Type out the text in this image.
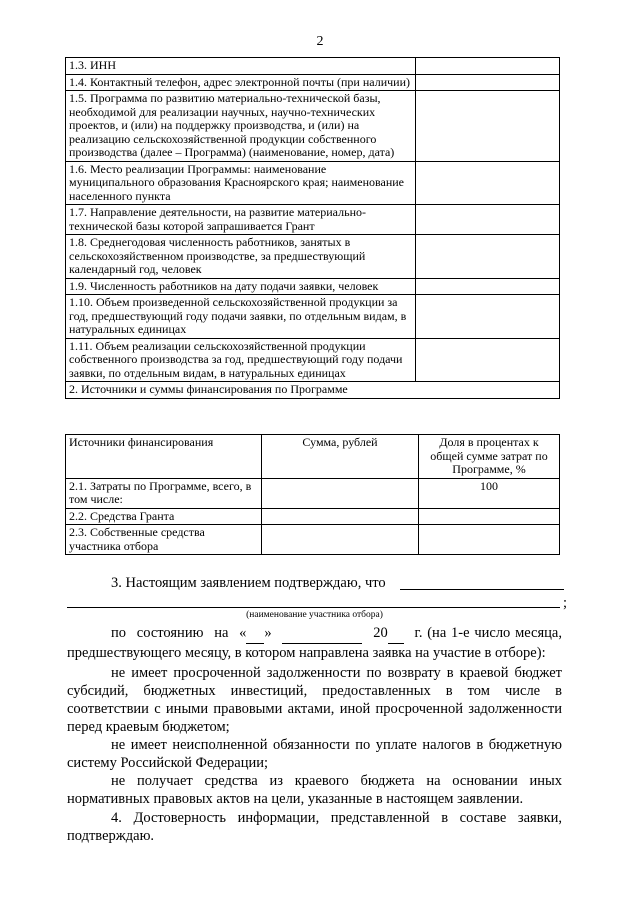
2
1.3. ИНН	
1.4. Контактный телефон, адрес электронной почты (при наличии)	
1.5. Программа по развитию материально-технической базы, необходимой для реализации научных, научно-технических проектов, и (или) на поддержку производства, и (или) на реализацию сельскохозяйственной продукции собственного производства (далее – Программа) (наименование, номер, дата)	
1.6. Место реализации Программы: наименование муниципального образования Красноярского края; наименование населенного пункта	
1.7. Направление деятельности, на развитие материально-технической базы которой запрашивается Грант	
1.8. Среднегодовая численность работников, занятых в сельскохозяйственном производстве, за предшествующий календарный год, человек	
1.9. Численность работников на дату подачи заявки, человек	
1.10. Объем произведенной сельскохозяйственной продукции за год, предшествующий году подачи заявки, по отдельным видам, в натуральных единицах	
1.11. Объем реализации сельскохозяйственной продукции собственного производства за год, предшествующий году подачи заявки, по отдельным видам, в натуральных единицах	
2. Источники и суммы финансирования по Программе	
Источники финансирования	Сумма, рублей	Доля в процентах к общей сумме затрат по Программе, %
2.1. Затраты по Программе, всего, в том числе:		100
2.2. Средства Гранта		
2.3. Собственные средства участника отбора		
3. Настоящим заявлением подтверждаю, что
;
(наименование участника отбора)
по состоянию на « »	20 г. (на 1-е число месяца, предшествующего месяцу, в котором направлена заявка на участие в отборе):
не имеет просроченной задолженности по возврату в краевой бюджет субсидий, бюджетных инвестиций, предоставленных в том числе в соответствии с иными правовыми актами, иной просроченной задолженности перед краевым бюджетом;
не имеет неисполненной обязанности по уплате налогов в бюджетную систему Российской Федерации;
не получает средства из краевого бюджета на основании иных нормативных правовых актов на цели, указанные в настоящем заявлении.
4. Достоверность информации, представленной в составе заявки, подтверждаю.
